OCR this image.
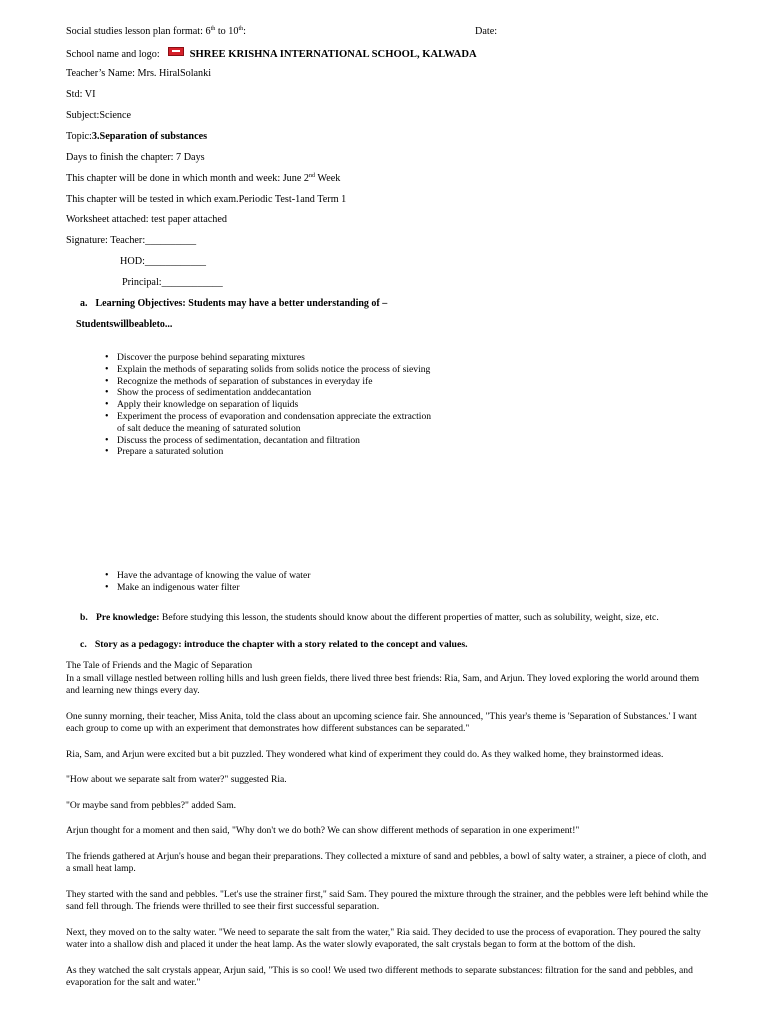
Social studies lesson plan format: 6th to 10th:	Date:
School name and logo:	SHREE KRISHNA INTERNATIONAL SCHOOL, KALWADA
Teacher’s Name: Mrs. HiralSolanki
Std: VI
Subject:Science
Topic:3.Separation of substances
Days to finish the chapter: 7 Days
This chapter will be done in which month and week: June 2nd Week
This chapter will be tested in which exam.Periodic Test-1and Term 1
Worksheet attached: test paper attached
Signature: Teacher:__________
HOD:____________
Principal:____________
a. Learning Objectives: Students may have a better understanding of –
Studentswillbeableto...
• Discover the purpose behind separating mixtures
• Explain the methods of separating solids from solids notice the process of sieving
• Recognize the methods of separation of substances in everyday ife
• Show the process of sedimentation anddecantation
• Apply their knowledge on separation of liquids
• Experiment the process of evaporation and condensation appreciate the extraction of salt deduce the meaning of saturated solution
• Discuss the process of sedimentation, decantation and filtration
• Prepare a saturated solution
• Have the advantage of knowing the value of water
• Make an indigenous water filter
b. Pre knowledge: Before studying this lesson, the students should know about the different properties of matter, such as solubility, weight, size, etc.
c. Story as a pedagogy: introduce the chapter with a story related to the concept and values.

The Tale of Friends and the Magic of Separation

In a small village nestled between rolling hills and lush green fields, there lived three best friends: Ria, Sam, and Arjun. They loved exploring the world around them and learning new things every day.

One sunny morning, their teacher, Miss Anita, told the class about an upcoming science fair. She announced, "This year's theme is 'Separation of Substances.' I want each group to come up with an experiment that demonstrates how different substances can be separated."

Ria, Sam, and Arjun were excited but a bit puzzled. They wondered what kind of experiment they could do. As they walked home, they brainstormed ideas.

"How about we separate salt from water?" suggested Ria.

"Or maybe sand from pebbles?" added Sam.

Arjun thought for a moment and then said, "Why don't we do both? We can show different methods of separation in one experiment!"

The friends gathered at Arjun's house and began their preparations. They collected a mixture of sand and pebbles, a bowl of salty water, a strainer, a piece of cloth, and a small heat lamp.

They started with the sand and pebbles. "Let's use the strainer first," said Sam. They poured the mixture through the strainer, and the pebbles were left behind while the sand fell through. The friends were thrilled to see their first successful separation.

Next, they moved on to the salty water. "We need to separate the salt from the water," Ria said. They decided to use the process of evaporation. They poured the salty water into a shallow dish and placed it under the heat lamp. As the water slowly evaporated, the salt crystals began to form at the bottom of the dish.

As they watched the salt crystals appear, Arjun said, "This is so cool! We used two different methods to separate substances: filtration for the sand and pebbles, and evaporation for the salt and water."
